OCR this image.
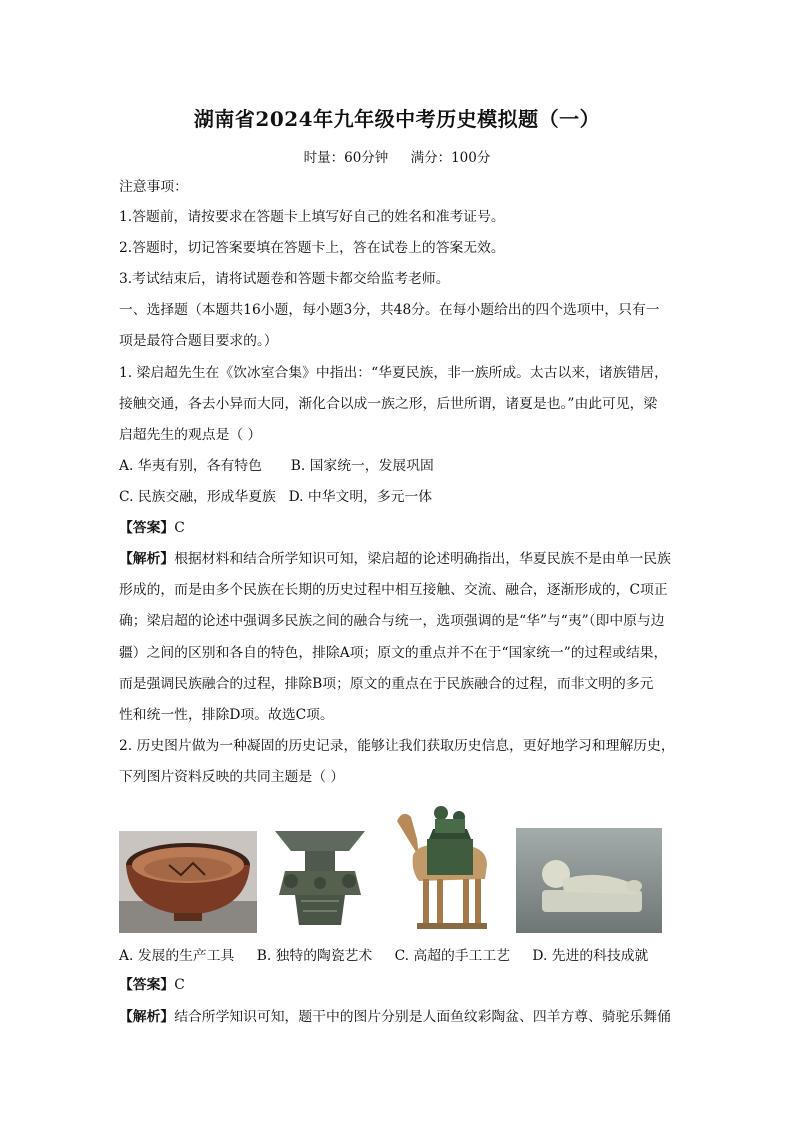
湖南省2024年九年级中考历史模拟题（一）
时量：60分钟 满分：100分
注意事项：
1.答题前，请按要求在答题卡上填写好自己的姓名和准考证号。
2.答题时，切记答案要填在答题卡上，答在试卷上的答案无效。
3.考试结束后，请将试题卷和答题卡都交给监考老师。
一、选择题（本题共16小题，每小题3分，共48分。在每小题给出的四个选项中，只有一
项是最符合题目要求的。）
1. 梁启超先生在《饮冰室合集》中指出：“华夏民族，非一族所成。太古以来，诸族错居，
接触交通，各去小异而大同，渐化合以成一族之形，后世所谓，诸夏是也。”由此可见，梁
启超先生的观点是（ ）
A. 华夷有别，各有特色 B. 国家统一，发展巩固
C. 民族交融，形成华夏族 D. 中华文明，多元一体
【答案】C
【解析】根据材料和结合所学知识可知，梁启超的论述明确指出，华夏民族不是由单一民族
形成的，而是由多个民族在长期的历史过程中相互接触、交流、融合，逐渐形成的，C项正
确；梁启超的论述中强调多民族之间的融合与统一，选项强调的是“华”与“夷”（即中原与边
疆）之间的区别和各自的特色，排除A项；原文的重点并不在于“国家统一”的过程或结果，
而是强调民族融合的过程，排除B项；原文的重点在于民族融合的过程，而非文明的多元
性和统一性，排除D项。故选C项。
2. 历史图片做为一种凝固的历史记录，能够让我们获取历史信息，更好地学习和理解历史，
下列图片资料反映的共同主题是（ ）
A. 发展的生产工具 B. 独特的陶瓷艺术 C. 高超的手工工艺 D. 先进的科技成就
【答案】C
【解析】结合所学知识可知，题干中的图片分别是人面鱼纹彩陶盆、四羊方尊、骑驼乐舞俑
